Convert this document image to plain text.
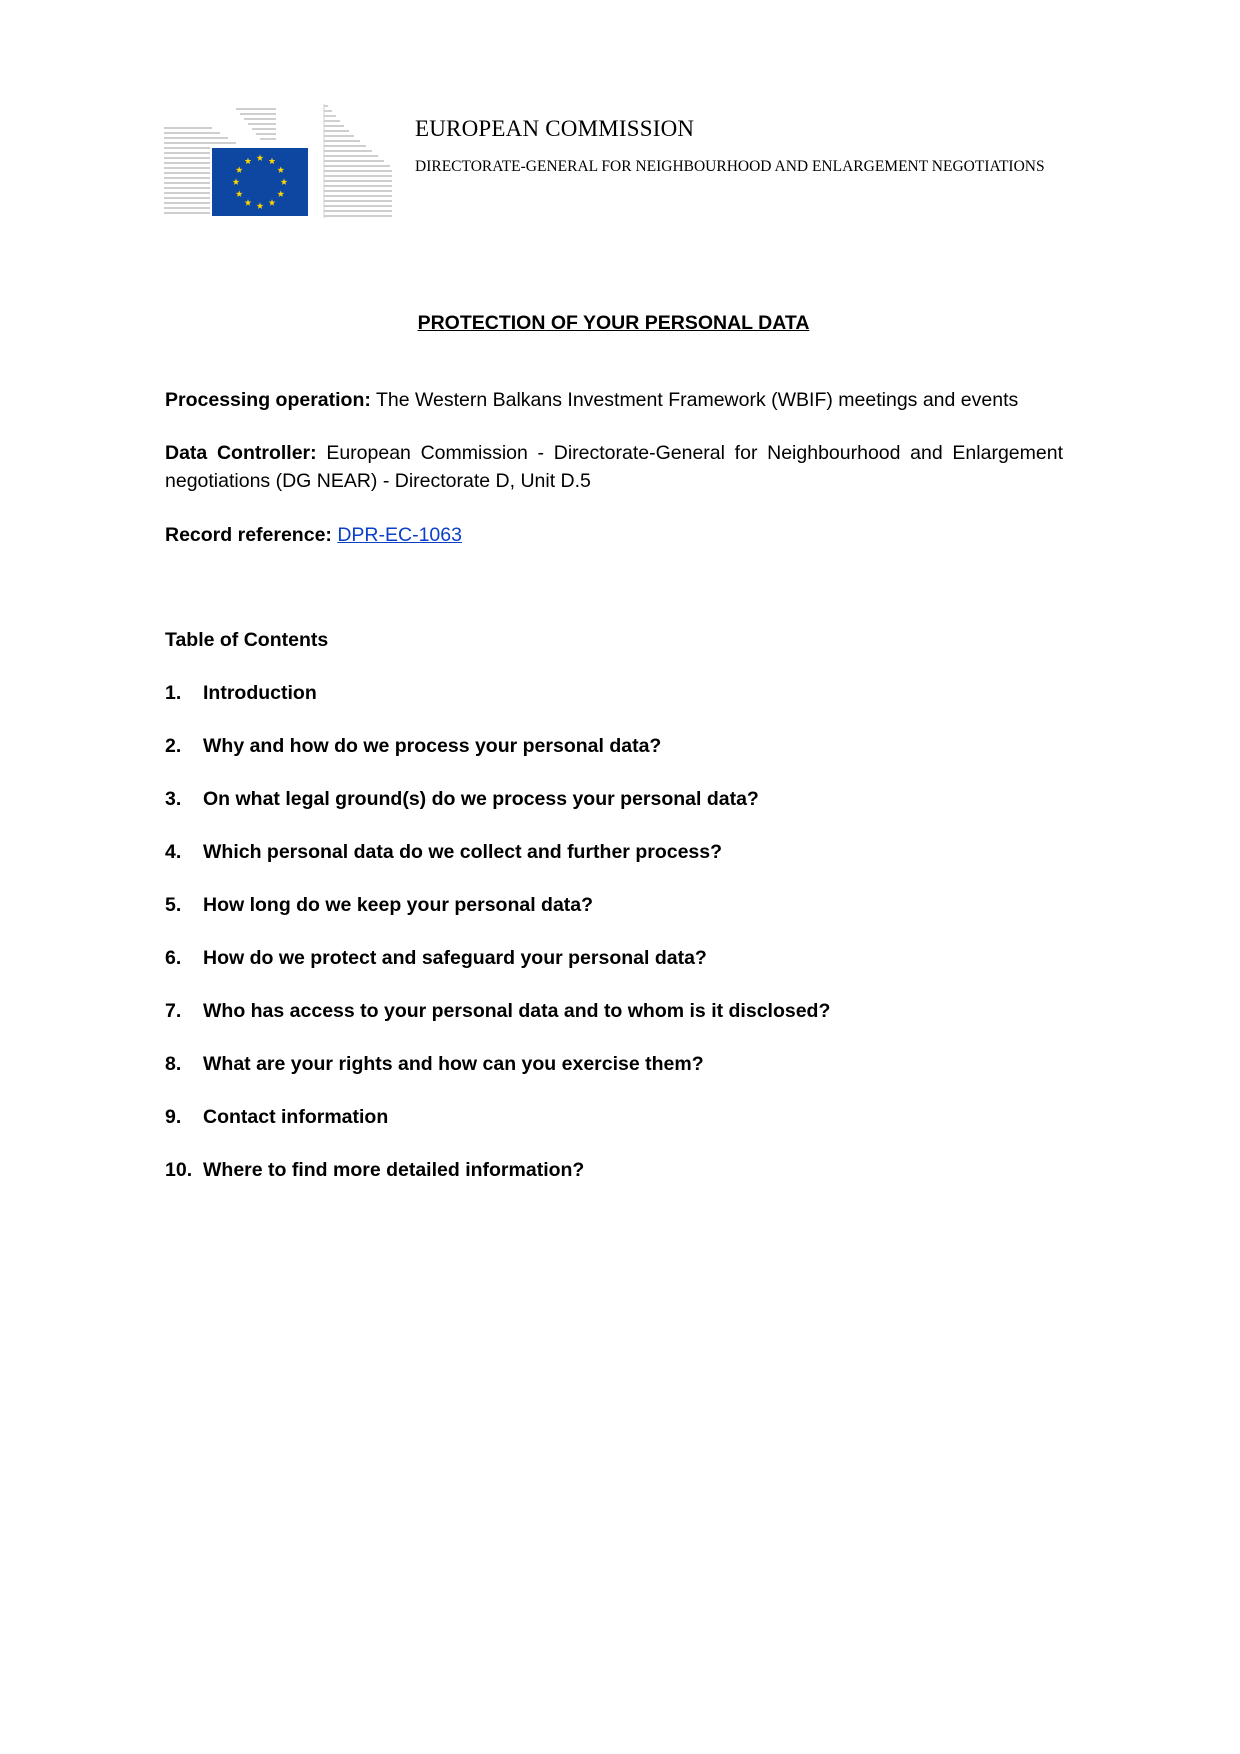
EUROPEAN COMMISSION
DIRECTORATE-GENERAL FOR NEIGHBOURHOOD AND ENLARGEMENT NEGOTIATIONS
PROTECTION OF YOUR PERSONAL DATA
Processing operation: The Western Balkans Investment Framework (WBIF) meetings and events
Data Controller: European Commission - Directorate-General for Neighbourhood and Enlargement negotiations (DG NEAR) - Directorate D, Unit D.5
Record reference: DPR-EC-1063
Table of Contents
1.	Introduction
2.	Why and how do we process your personal data?
3.	On what legal ground(s) do we process your personal data?
4.	Which personal data do we collect and further process?
5.	How long do we keep your personal data?
6.	How do we protect and safeguard your personal data?
7.	Who has access to your personal data and to whom is it disclosed?
8.	What are your rights and how can you exercise them?
9.	Contact information
10. Where to find more detailed information?
